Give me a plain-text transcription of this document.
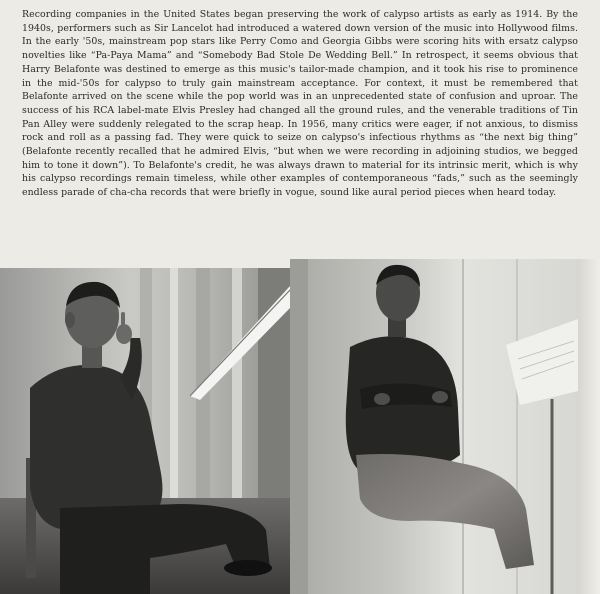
Recording companies in the United States began preserving the work of calypso artists as early as 1914. By the 1940s, performers such as Sir Lancelot had introduced a watered down version of the music into Hollywood films. In the early '50s, mainstream pop stars like Perry Como and Georgia Gibbs were scoring hits with ersatz calypso novelties like “Pa-Paya Mama” and “Somebody Bad Stole De Wedding Bell.” In retrospect, it seems obvious that Harry Belafonte was destined to emerge as this music's tailor-made champion, and it took his rise to prominence in the mid-'50s for calypso to truly gain mainstream acceptance. For context, it must be remembered that Belafonte arrived on the scene while the pop world was in an unprecedented state of confusion and uproar. The success of his RCA label-mate Elvis Presley had changed all the ground rules, and the venerable traditions of Tin Pan Alley were suddenly relegated to the scrap heap. In 1956, many critics were eager, if not anxious, to dismiss rock and roll as a passing fad. They were quick to seize on calypso's infectious rhythms as “the next big thing” (Belafonte recently recalled that he admired Elvis, “but when we were recording in adjoining studios, we begged him to tone it down”). To Belafonte's credit, he was always drawn to material for its intrinsic merit, which is why his calypso recordings remain timeless, while other examples of contemporaneous “fads,” such as the seemingly endless parade of cha-cha records that were briefly in vogue, sound like aural period pieces when heard today.
